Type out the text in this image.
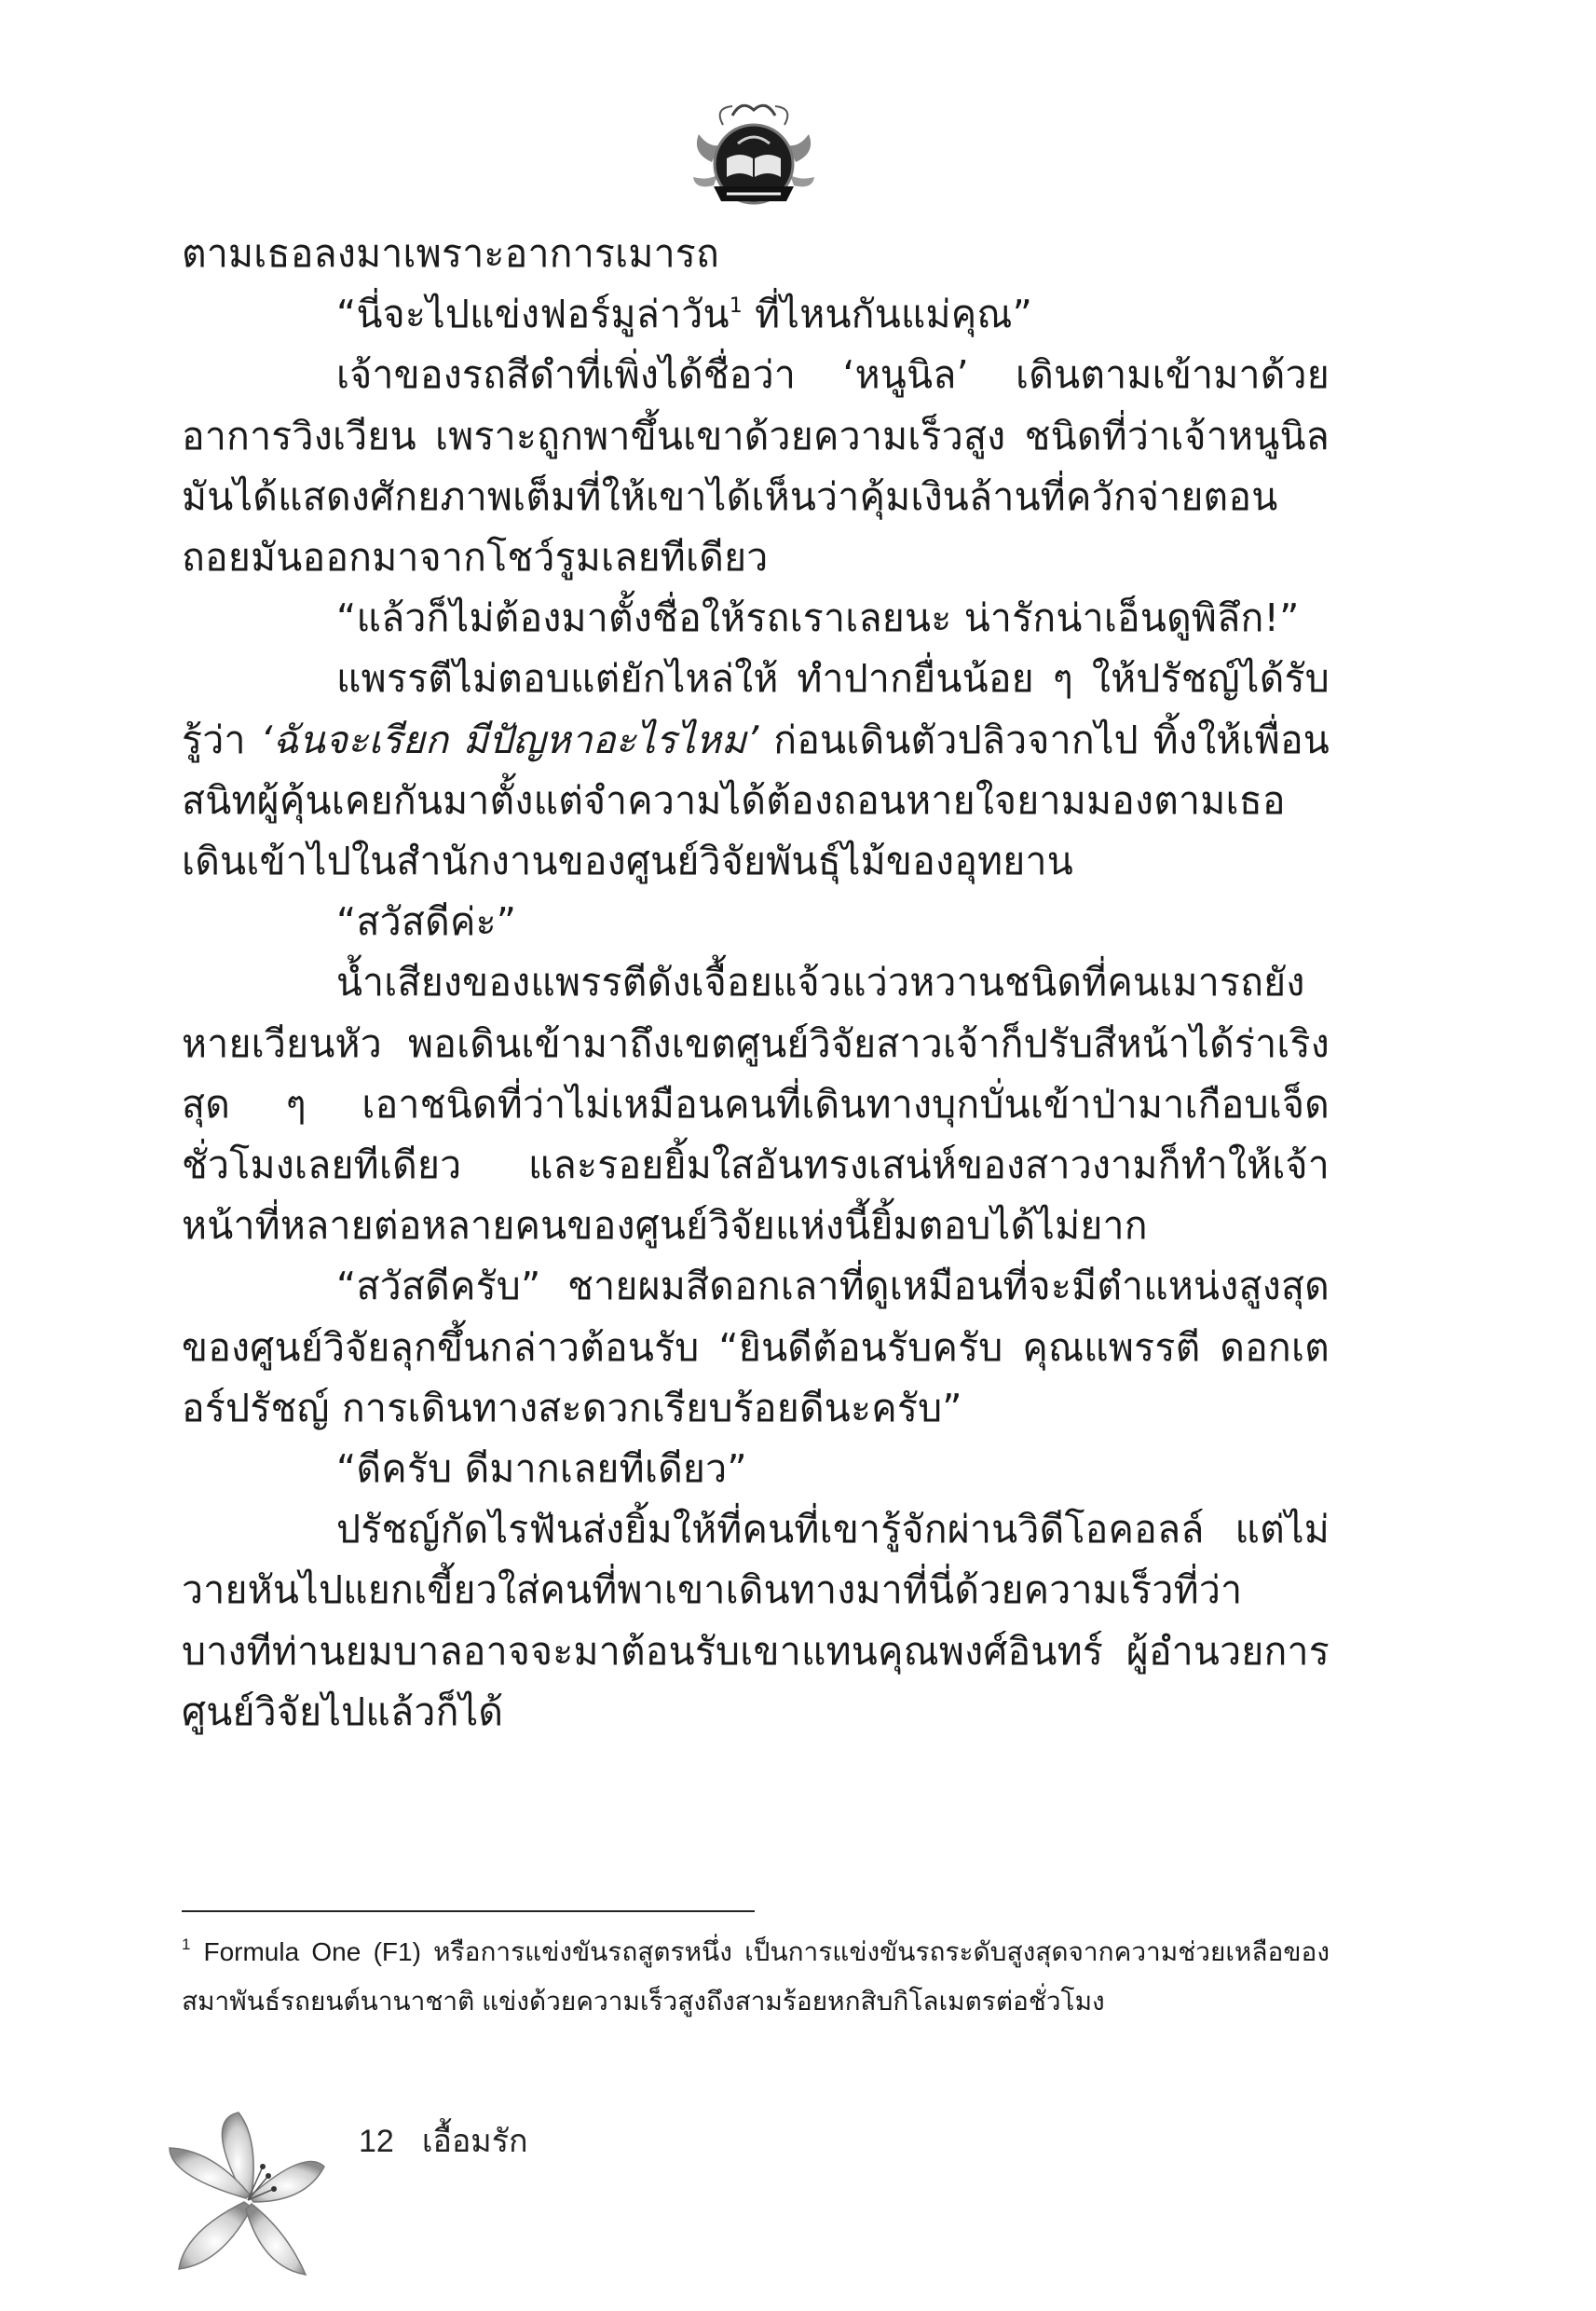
ตามเธอลงมาเพราะอาการเมารถ

“นี่จะไปแข่งฟอร์มูล่าวัน$^1$ ที่ไหนกันแม่คุณ”

เจ้าของรถสีดำที่เพิ่งได้ชื่อว่า ‘หนูนิล’ เดินตามเข้ามาด้วยอาการวิงเวียน เพราะถูกพาขึ้นเขาด้วยความเร็วสูง ชนิดที่ว่าเจ้าหนูนิลมันได้แสดงศักยภาพเต็มที่ให้เขาได้เห็นว่าคุ้มเงินล้านที่ควักจ่ายตอนถอยมันออกมาจากโชว์รูมเลยทีเดียว

“แล้วก็ไม่ต้องมาตั้งชื่อให้รถเราเลยนะ น่ารักน่าเอ็นดูพิลึก!”

แพรรตีไม่ตอบแต่ยักไหล่ให้ ทำปากยื่นน้อย ๆ ให้ปรัชญ์ได้รับรู้ว่า ‘ฉันจะเรียก มีปัญหาอะไรไหม’ ก่อนเดินตัวปลิวจากไป ทิ้งให้เพื่อนสนิทผู้คุ้นเคยกันมาตั้งแต่จำความได้ต้องถอนหายใจยามมองตามเธอเดินเข้าไปในสำนักงานของศูนย์วิจัยพันธุ์ไม้ของอุทยาน

“สวัสดีค่ะ”

น้ำเสียงของแพรรตีดังเจื้อยแจ้วแว่วหวานชนิดที่คนเมารถยังหายเวียนหัว พอเดินเข้ามาถึงเขตศูนย์วิจัยสาวเจ้าก็ปรับสีหน้าได้ร่าเริงสุด ๆ เอาชนิดที่ว่าไม่เหมือนคนที่เดินทางบุกบั่นเข้าป่ามาเกือบเจ็ดชั่วโมงเลยทีเดียว และรอยยิ้มใสอันทรงเสน่ห์ของสาวงามก็ทำให้เจ้าหน้าที่หลายต่อหลายคนของศูนย์วิจัยแห่งนี้ยิ้มตอบได้ไม่ยาก

“สวัสดีครับ” ชายผมสีดอกเลาที่ดูเหมือนที่จะมีตำแหน่งสูงสุดของศูนย์วิจัยลุกขึ้นกล่าวต้อนรับ “ยินดีต้อนรับครับ คุณแพรรตี ดอกเตอร์ปรัชญ์ การเดินทางสะดวกเรียบร้อยดีนะครับ”

“ดีครับ ดีมากเลยทีเดียว”

ปรัชญ์กัดไรฟันส่งยิ้มให้ที่คนที่เขารู้จักผ่านวิดีโอคอลล์ แต่ไม่วายหันไปแยกเขี้ยวใส่คนที่พาเขาเดินทางมาที่นี่ด้วยความเร็วที่ว่าบางทีท่านยมบาลอาจจะมาต้อนรับเขาแทนคุณพงศ์อินทร์ ผู้อำนวยการศูนย์วิจัยไปแล้วก็ได้

$^1$ Formula One (F1) หรือการแข่งขันรถสูตรหนึ่ง เป็นการแข่งขันรถระดับสูงสุดจากความช่วยเหลือของสมาพันธ์รถยนต์นานาชาติ แข่งด้วยความเร็วสูงถึงสามร้อยหกสิบกิโลเมตรต่อชั่วโมง

12 เอื้อมรัก
